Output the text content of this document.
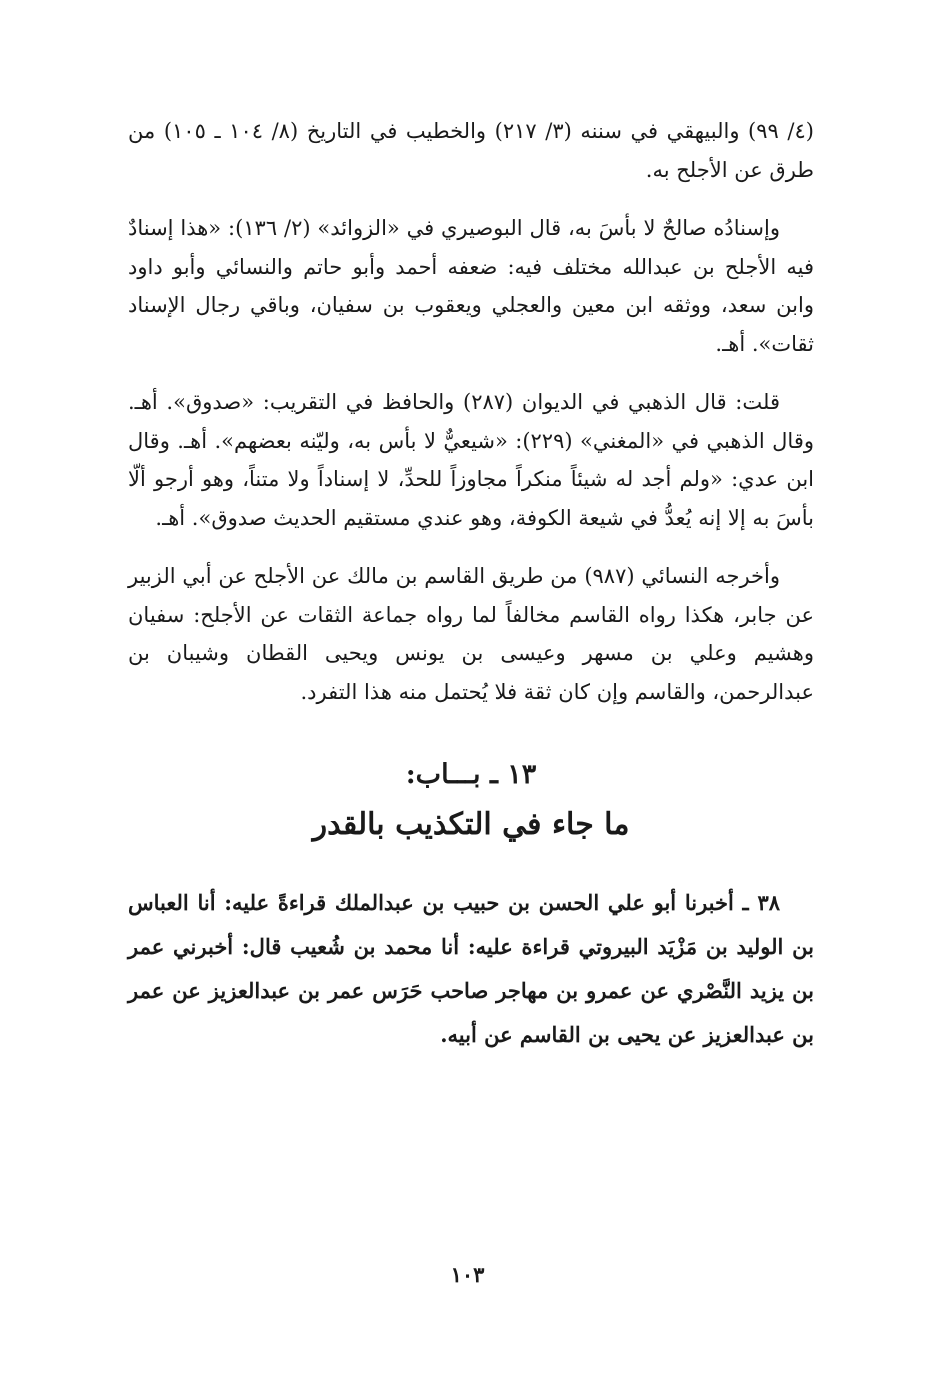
(٤/ ٩٩) والبيهقي في سننه (٣/ ٢١٧) والخطيب في التاريخ (٨/ ١٠٤ ـ ١٠٥) من طرق عن الأجلح به.

وإسنادُه صالحٌ لا بأسَ به، قال البوصيري في «الزوائد» (٢/ ١٣٦): «هذا إسنادٌ فيه الأجلح بن عبدالله مختلف فيه: ضعفه أحمد وأبو حاتم والنسائي وأبو داود وابن سعد، ووثقه ابن معين والعجلي ويعقوب بن سفيان، وباقي رجال الإسناد ثقات». أهـ.

قلت: قال الذهبي في الديوان (٢٨٧) والحافظ في التقريب: «صدوق». أهـ. وقال الذهبي في «المغني» (٢٢٩): «شيعيٌّ لا بأس به، وليّنه بعضهم». أهـ. وقال ابن عدي: «ولم أجد له شيئاً منكراً مجاوزاً للحدِّ، لا إسناداً ولا متناً، وهو أرجو ألّا بأسَ به إلا إنه يُعدُّ في شيعة الكوفة، وهو عندي مستقيم الحديث صدوق». أهـ.

وأخرجه النسائي (٩٨٧) من طريق القاسم بن مالك عن الأجلح عن أبي الزبير عن جابر، هكذا رواه القاسم مخالفاً لما رواه جماعة الثقات عن الأجلح: سفيان وهشيم وعلي بن مسهر وعيسى بن يونس ويحيى القطان وشيبان بن عبدالرحمن، والقاسم وإن كان ثقة فلا يُحتمل منه هذا التفرد.

١٣ ـ بـــاب:
ما جاء في التكذيب بالقدر

٣٨ ـ أخبرنا أبو علي الحسن بن حبيب بن عبدالملك قراءةً عليه: أنا العباس بن الوليد بن مَزْيَد البيروتي قراءة عليه: أنا محمد بن شُعيب قال: أخبرني عمر بن يزيد النَّصْري عن عمرو بن مهاجر صاحب حَرَس عمر بن عبدالعزيز عن عمر بن عبدالعزيز عن يحيى بن القاسم عن أبيه.

١٠٣
